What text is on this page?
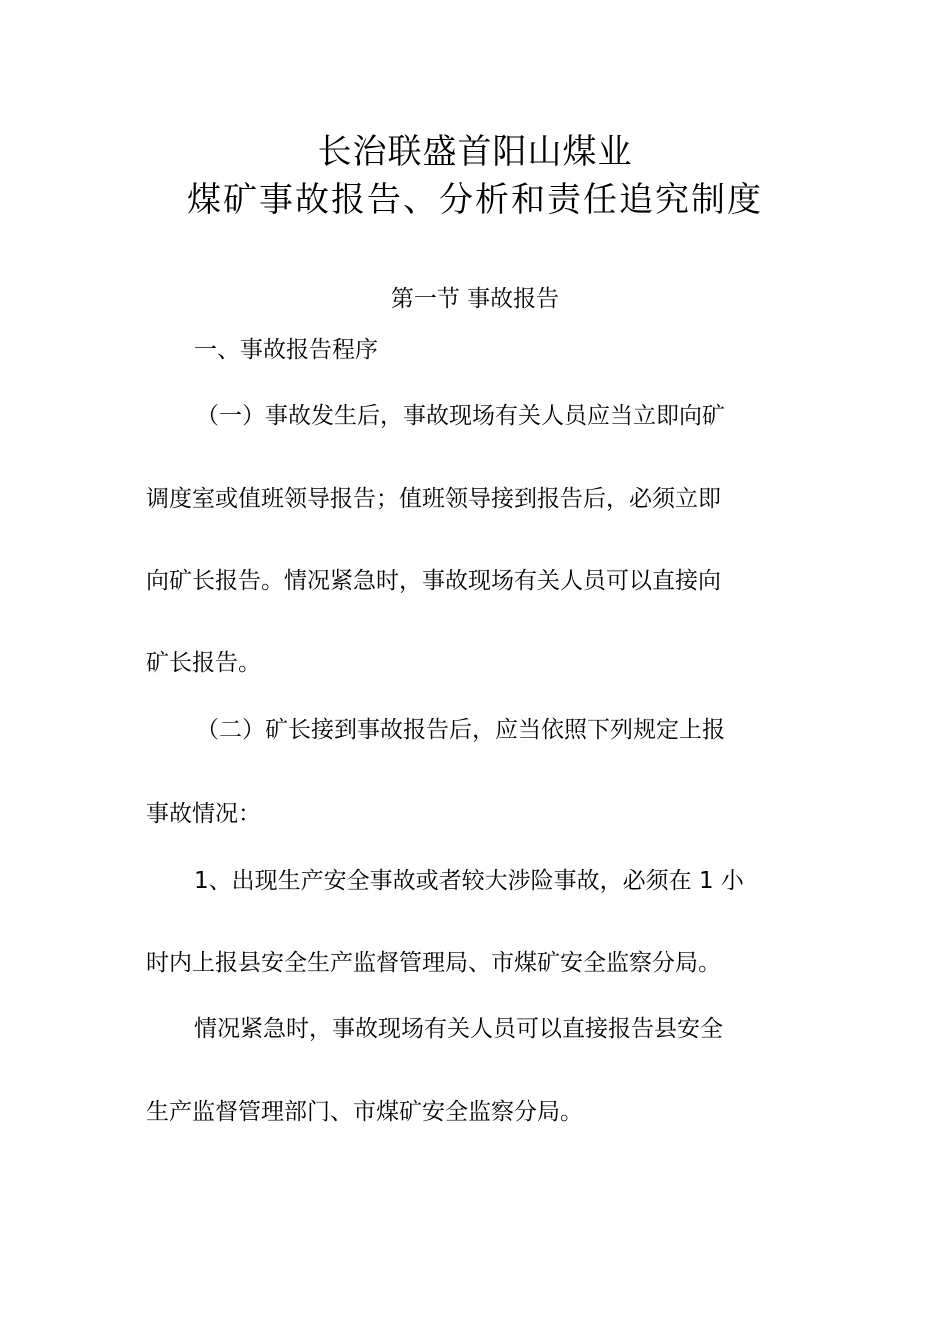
长治联盛首阳山煤业
煤矿事故报告、分析和责任追究制度
第一节 事故报告
一、事故报告程序
（一）事故发生后，事故现场有关人员应当立即向矿
调度室或值班领导报告；值班领导接到报告后，必须立即
向矿长报告。情况紧急时，事故现场有关人员可以直接向
矿长报告。
（二）矿长接到事故报告后，应当依照下列规定上报
事故情况：
1、出现生产安全事故或者较大涉险事故，必须在 1 小
时内上报县安全生产监督管理局、市煤矿安全监察分局。
情况紧急时，事故现场有关人员可以直接报告县安全
生产监督管理部门、市煤矿安全监察分局。
